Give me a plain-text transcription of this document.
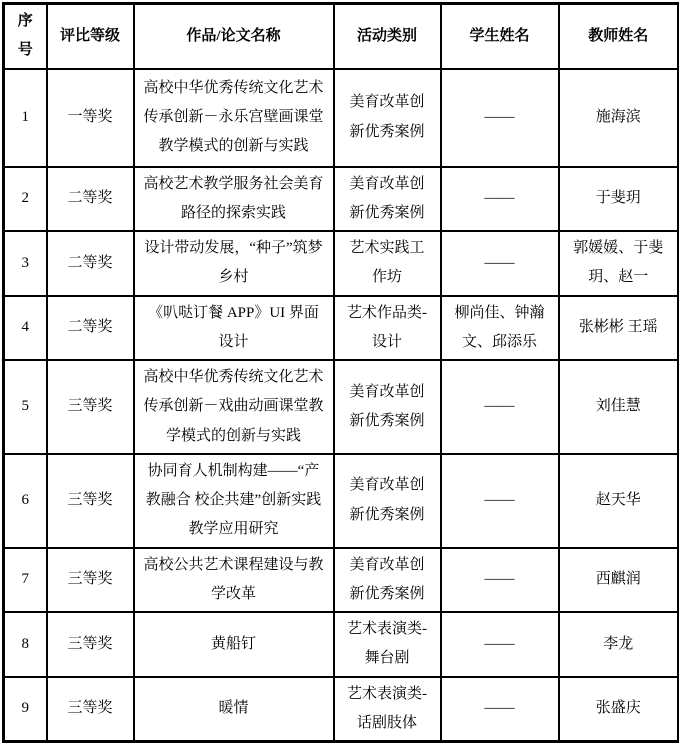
序号	评比等级	作品/论文名称	活动类别	学生姓名	教师姓名
1	一等奖	高校中华优秀传统文化艺术传承创新－永乐宫壁画课堂教学模式的创新与实践	美育改革创新优秀案例	——	施海滨
2	二等奖	高校艺术教学服务社会美育路径的探索实践	美育改革创新优秀案例	——	于斐玥
3	二等奖	设计带动发展，“种子”筑梦乡村	艺术实践工作坊	——	郭媛媛、于斐玥、赵一
4	二等奖	《叭哒订餐 APP》UI 界面设计	艺术作品类-设计	柳尚佳、钟瀚文、邱添乐	张彬彬 王瑶
5	三等奖	高校中华优秀传统文化艺术传承创新－戏曲动画课堂教学模式的创新与实践	美育改革创新优秀案例	——	刘佳慧
6	三等奖	协同育人机制构建——“产教融合 校企共建”创新实践教学应用研究	美育改革创新优秀案例	——	赵天华
7	三等奖	高校公共艺术课程建设与教学改革	美育改革创新优秀案例	——	西麒润
8	三等奖	黄船钉	艺术表演类-舞台剧	——	李龙
9	三等奖	暖情	艺术表演类-话剧肢体	——	张盛庆
